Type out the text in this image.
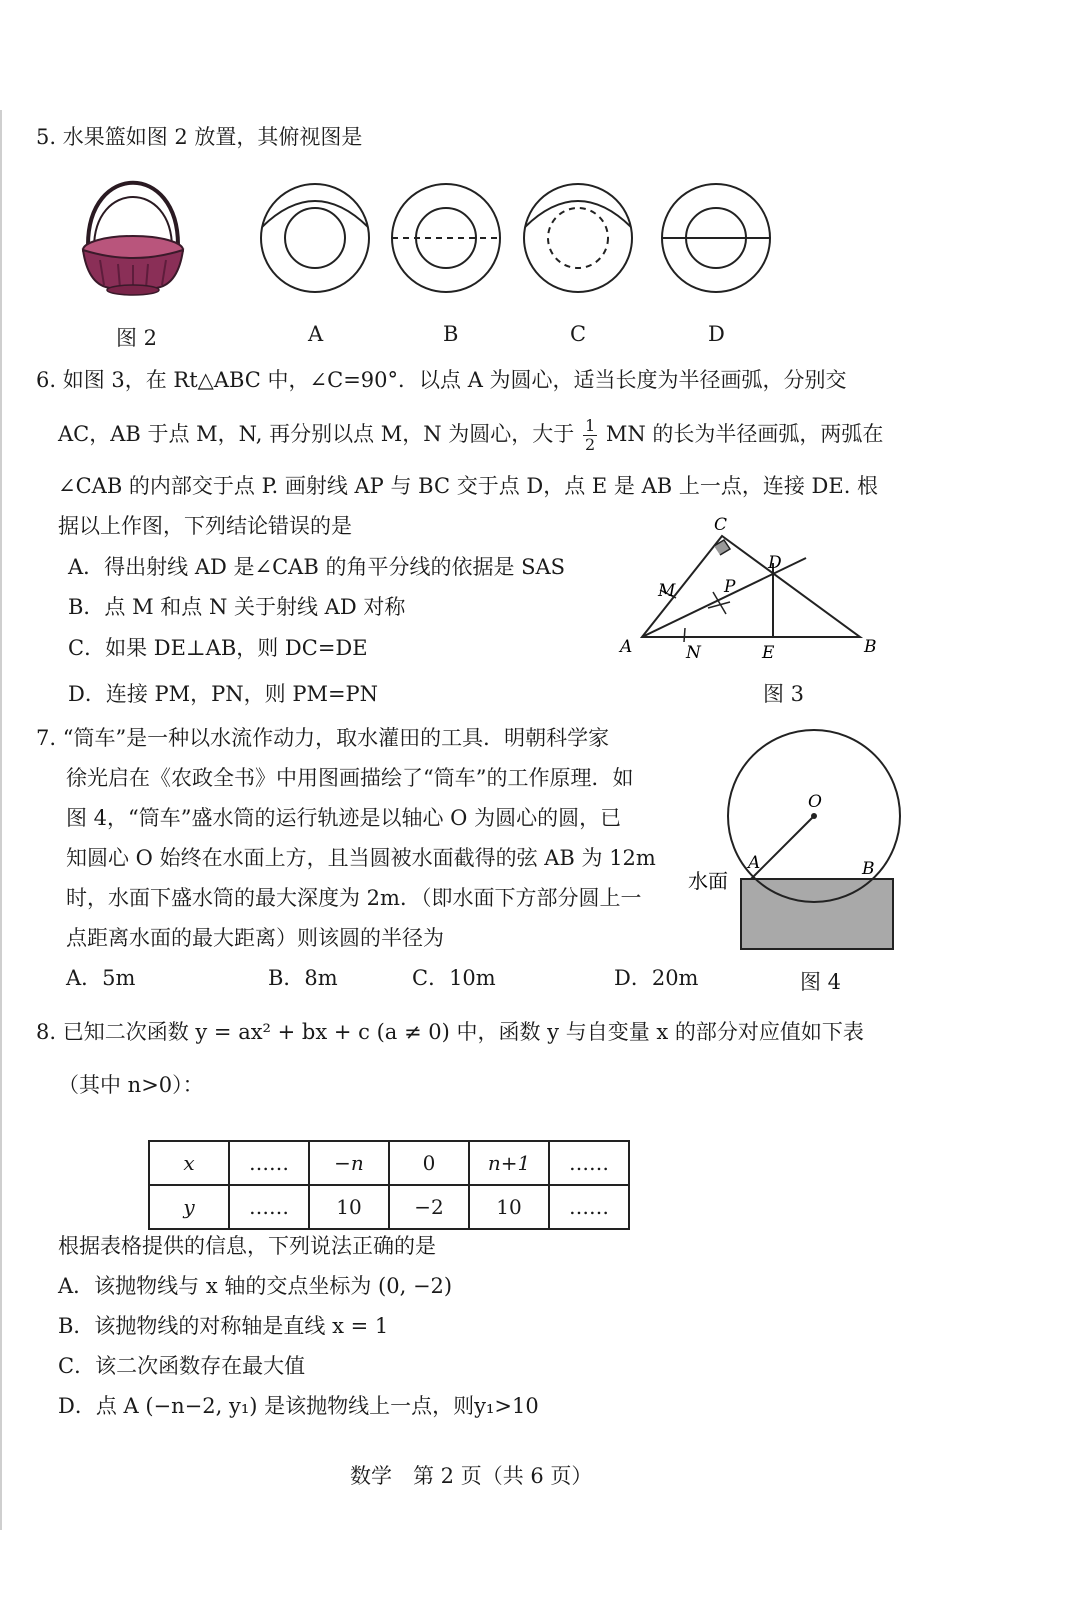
5. 水果篮如图 2 放置，其俯视图是
图 2	A	B	C	D
6. 如图 3，在 Rt△ABC 中，∠C=90°．以点 A 为圆心，适当长度为半径画弧，分别交
AC，AB 于点 M，N, 再分别以点 M，N 为圆心，大于 $\frac{1}{2}$ MN 的长为半径画弧，两弧在
∠CAB 的内部交于点 P. 画射线 AP 与 BC 交于点 D，点 E 是 AB 上一点，连接 DE. 根
据以上作图，下列结论错误的是
A．得出射线 AD 是∠CAB 的角平分线的依据是 SAS
B．点 M 和点 N 关于射线 AD 对称
C．如果 DE⊥AB，则 DC=DE
D．连接 PM，PN，则 PM=PN
C
D
M	P
A	N	E	B
图 3
7. “筒车”是一种以水流作动力，取水灌田的工具．明朝科学家
徐光启在《农政全书》中用图画描绘了“筒车”的工作原理．如
图 4，“筒车”盛水筒的运行轨迹是以轴心 O 为圆心的圆，已
知圆心 O 始终在水面上方，且当圆被水面截得的弦 AB 为 12m
时，水面下盛水筒的最大深度为 2m．（即水面下方部分圆上一
点距离水面的最大距离）则该圆的半径为
A．5m	B．8m	C．10m	D．20m
O
A	B
水面
图 4
8. 已知二次函数 y = ax² + bx + c (a ≠ 0) 中，函数 y 与自变量 x 的部分对应值如下表
（其中 n>0）：
x	……	−n	0	n+1	……
y	……	10	−2	10	……
根据表格提供的信息，下列说法正确的是
A．该抛物线与 x 轴的交点坐标为 (0, −2)
B．该抛物线的对称轴是直线 x = 1
C．该二次函数存在最大值
D．点 A (−n−2, y₁) 是该抛物线上一点，则y₁>10
数学　第 2 页（共 6 页）
